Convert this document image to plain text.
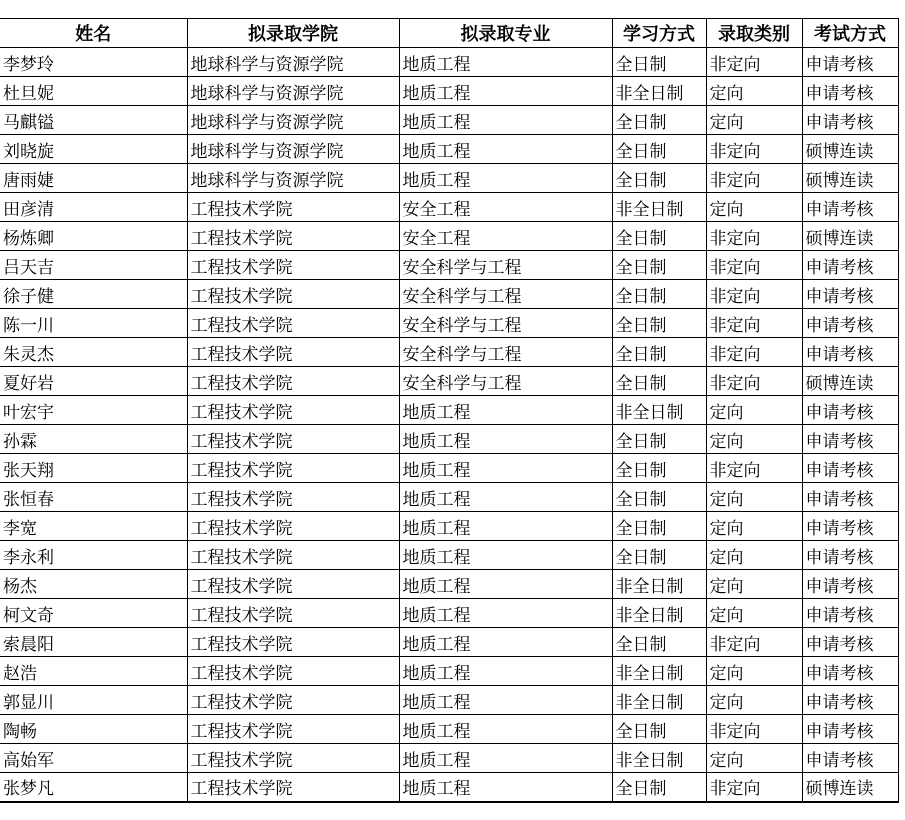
姓名	拟录取学院	拟录取专业	学习方式	录取类别	考试方式
李梦玲	地球科学与资源学院	地质工程	全日制	非定向	申请考核
杜旦妮	地球科学与资源学院	地质工程	非全日制	定向	申请考核
马麒镒	地球科学与资源学院	地质工程	全日制	定向	申请考核
刘晓旋	地球科学与资源学院	地质工程	全日制	非定向	硕博连读
唐雨婕	地球科学与资源学院	地质工程	全日制	非定向	硕博连读
田彦清	工程技术学院	安全工程	非全日制	定向	申请考核
杨炼卿	工程技术学院	安全工程	全日制	非定向	硕博连读
吕天吉	工程技术学院	安全科学与工程	全日制	非定向	申请考核
徐子健	工程技术学院	安全科学与工程	全日制	非定向	申请考核
陈一川	工程技术学院	安全科学与工程	全日制	非定向	申请考核
朱灵杰	工程技术学院	安全科学与工程	全日制	非定向	申请考核
夏好岩	工程技术学院	安全科学与工程	全日制	非定向	硕博连读
叶宏宇	工程技术学院	地质工程	非全日制	定向	申请考核
孙霖	工程技术学院	地质工程	全日制	定向	申请考核
张天翔	工程技术学院	地质工程	全日制	非定向	申请考核
张恒春	工程技术学院	地质工程	全日制	定向	申请考核
李宽	工程技术学院	地质工程	全日制	定向	申请考核
李永利	工程技术学院	地质工程	全日制	定向	申请考核
杨杰	工程技术学院	地质工程	非全日制	定向	申请考核
柯文奇	工程技术学院	地质工程	非全日制	定向	申请考核
索晨阳	工程技术学院	地质工程	全日制	非定向	申请考核
赵浩	工程技术学院	地质工程	非全日制	定向	申请考核
郭显川	工程技术学院	地质工程	非全日制	定向	申请考核
陶畅	工程技术学院	地质工程	全日制	非定向	申请考核
高始军	工程技术学院	地质工程	非全日制	定向	申请考核
张梦凡	工程技术学院	地质工程	全日制	非定向	硕博连读
